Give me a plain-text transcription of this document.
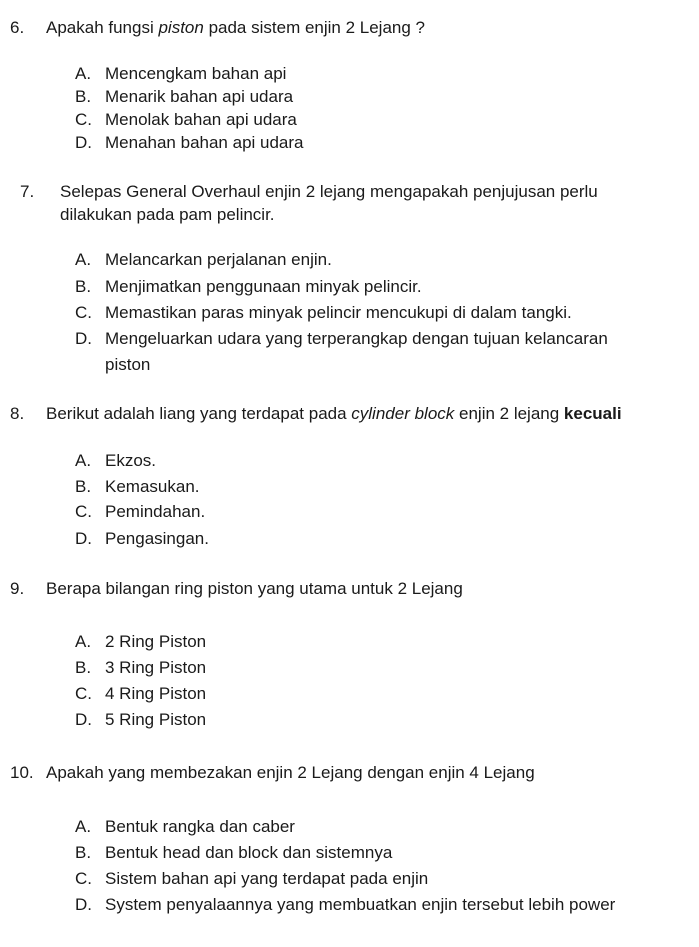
6. Apakah fungsi piston pada sistem enjin 2 Lejang ?
A. Mencengkam bahan api
B. Menarik bahan api udara
C. Menolak bahan api udara
D. Menahan bahan api udara
7. Selepas General Overhaul enjin 2 lejang mengapakah penjujusan perlu
dilakukan pada pam pelincir.
A. Melancarkan perjalanan enjin.
B. Menjimatkan penggunaan minyak pelincir.
C. Memastikan paras minyak pelincir mencukupi di dalam tangki.
D. Mengeluarkan udara yang terperangkap dengan tujuan kelancaran
piston
8. Berikut adalah liang yang terdapat pada cylinder block enjin 2 lejang kecuali
A. Ekzos.
B. Kemasukan.
C. Pemindahan.
D. Pengasingan.
9. Berapa bilangan ring piston yang utama untuk 2 Lejang
A. 2 Ring Piston
B. 3 Ring Piston
C. 4 Ring Piston
D. 5 Ring Piston
10. Apakah yang membezakan enjin 2 Lejang dengan enjin 4 Lejang
A. Bentuk rangka dan caber
B. Bentuk head dan block dan sistemnya
C. Sistem bahan api yang terdapat pada enjin
D. System penyalaannya yang membuatkan enjin tersebut lebih power
